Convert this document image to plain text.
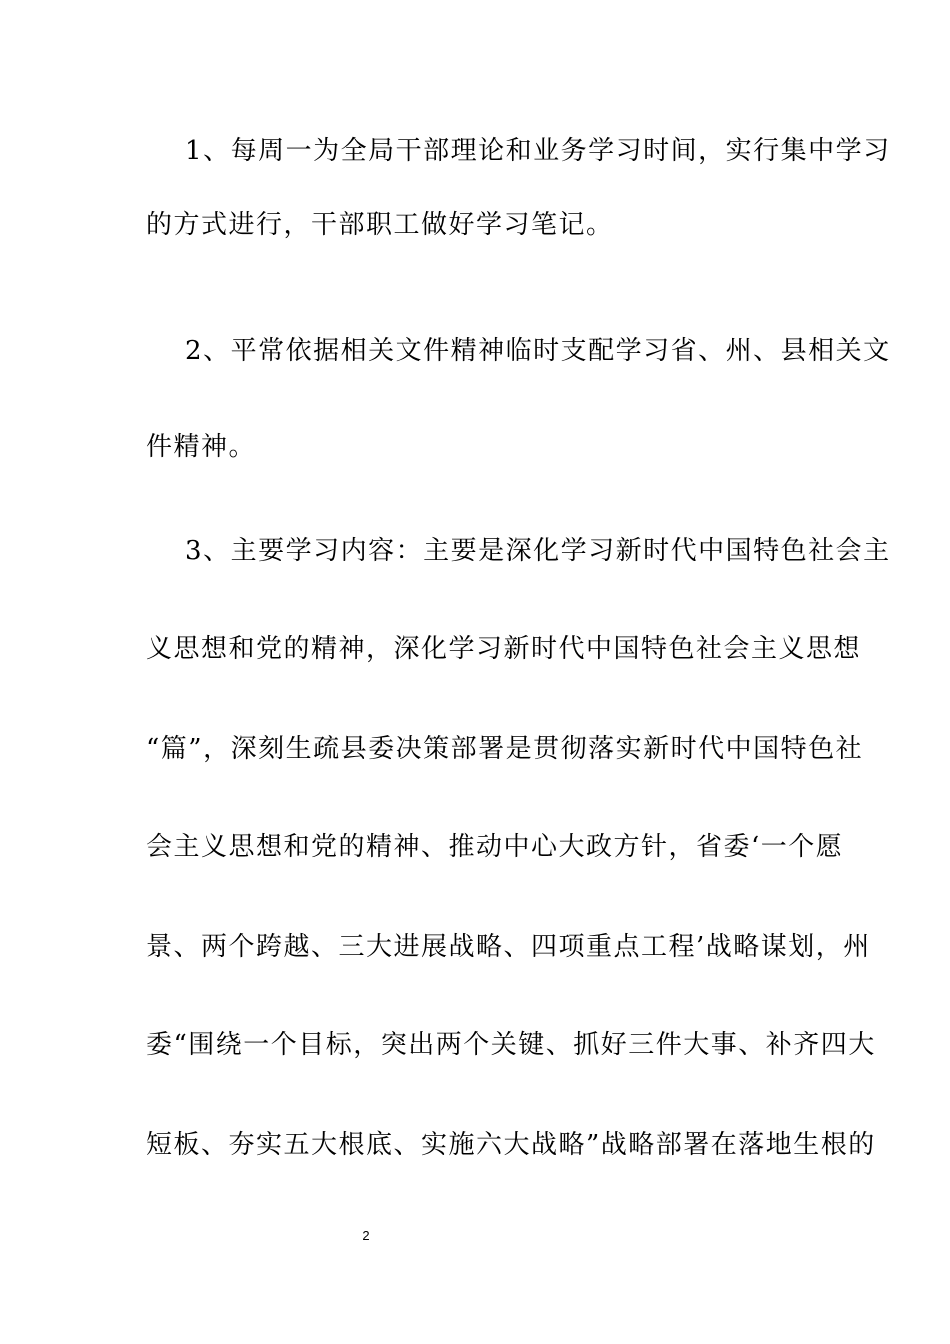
1、每周一为全局干部理论和业务学习时间，实行集中学习
的方式进行，干部职工做好学习笔记。
2、平常依据相关文件精神临时支配学习省、州、县相关文
件精神。
3、主要学习内容：主要是深化学习新时代中国特色社会主
义思想和党的精神，深化学习新时代中国特色社会主义思想
“篇”，深刻生疏县委决策部署是贯彻落实新时代中国特色社
会主义思想和党的精神、推动中心大政方针，省委‘一个愿
景、两个跨越、三大进展战略、四项重点工程’战略谋划，州
委“围绕一个目标，突出两个关键、抓好三件大事、补齐四大
短板、夯实五大根底、实施六大战略”战略部署在落地生根的
2
